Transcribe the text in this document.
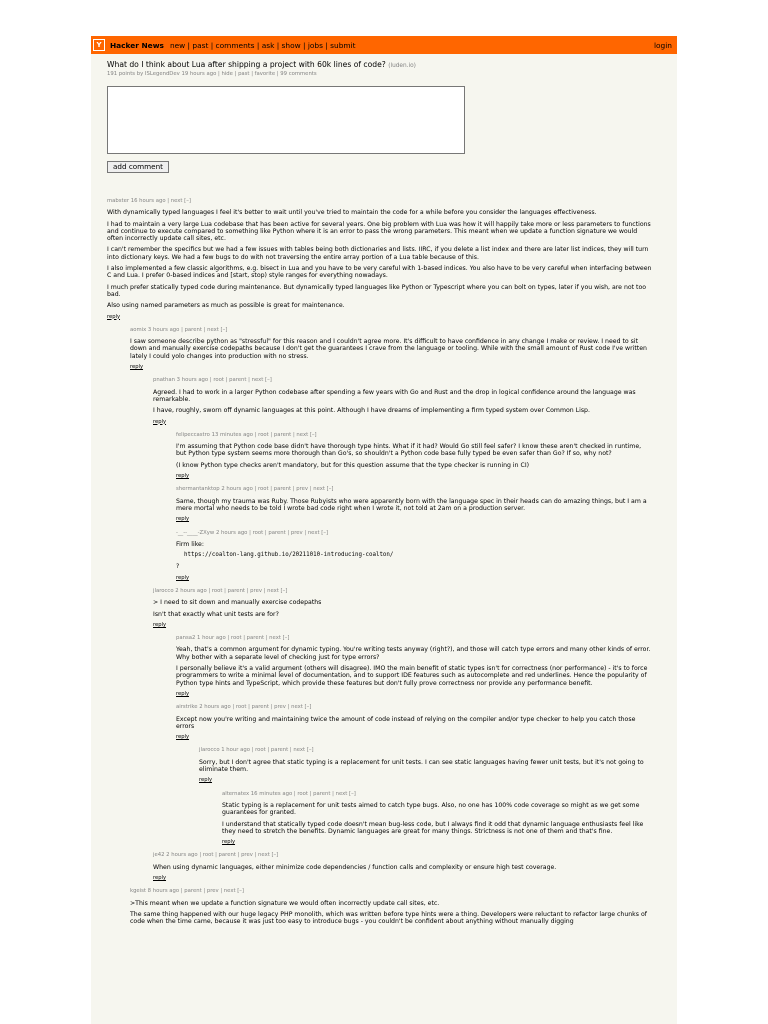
Y	Hacker News new | past | comments | ask | show | jobs | submit	login
What do I think about Lua after shipping a project with 60k lines of code? (luden.io)
191 points by ISLegendDev 19 hours ago | hide | past | favorite | 99 comments
add comment
mabster 16 hours ago | next [–]

With dynamically typed languages I feel it's better to wait until you've tried to maintain the code for a while before you consider the languages effectiveness.

I had to maintain a very large Lua codebase that has been active for several years. One big problem with Lua was how it will happily take more or less parameters to functions and continue to execute compared to something like Python where it is an error to pass the wrong parameters. This meant when we update a function signature we would often incorrectly update call sites, etc.

I can't remember the specifics but we had a few issues with tables being both dictionaries and lists. IIRC, if you delete a list index and there are later list indices, they will turn into dictionary keys. We had a few bugs to do with not traversing the entire array portion of a Lua table because of this.

I also implemented a few classic algorithms, e.g. bisect in Lua and you have to be very careful with 1-based indices. You also have to be very careful when interfacing between C and Lua. I prefer 0-based indices and [start, stop) style ranges for everything nowadays.

I much prefer statically typed code during maintenance. But dynamically typed languages like Python or Typescript where you can bolt on types, later if you wish, are not too bad.

Also using named parameters as much as possible is great for maintenance.

reply
aomix 3 hours ago | parent | next [–]

I saw someone describe python as "stressful" for this reason and I couldn't agree more. It's difficult to have confidence in any change I make or review. I need to sit down and manually exercise codepaths because I don't get the guarantees I crave from the language or tooling. While with the small amount of Rust code I've written lately I could yolo changes into production with no stress.

reply
pnathan 3 hours ago | root | parent | next [–]

Agreed. I had to work in a larger Python codebase after spending a few years with Go and Rust and the drop in logical confidence around the language was remarkable.

I have, roughly, sworn off dynamic languages at this point. Although I have dreams of implementing a firm typed system over Common Lisp.

reply
felipeccastro 13 minutes ago | root | parent | next [–]

I'm assuming that Python code base didn't have thorough type hints. What if it had? Would Go still feel safer? I know these aren't checked in runtime, but Python type system seems more thorough than Go's, so shouldn't a Python code base fully typed be even safer than Go? If so, why not?

(I know Python type checks aren't mandatory, but for this question assume that the type checker is running in CI)

reply
shermantanktop 2 hours ago | root | parent | prev | next [–]

Same, though my trauma was Ruby. Those Rubyists who were apparently born with the language spec in their heads can do amazing things, but I am a mere mortal who needs to be told I wrote bad code right when I wrote it, not told at 2am on a production server.

reply
-__--____-ZXyw 2 hours ago | root | parent | prev | next [–]

Firm like:

https://coalton-lang.github.io/20211010-introducing-coalton/

?

reply
jlarocco 2 hours ago | root | parent | prev | next [–]

> I need to sit down and manually exercise codepaths

Isn't that exactly what unit tests are for?

reply
pansa2 1 hour ago | root | parent | next [–]

Yeah, that's a common argument for dynamic typing. You're writing tests anyway (right?), and those will catch type errors and many other kinds of error. Why bother with a separate level of checking just for type errors?

I personally believe it's a valid argument (others will disagree). IMO the main benefit of static types isn't for correctness (nor performance) - it's to force programmers to write a minimal level of documentation, and to support IDE features such as autocomplete and red underlines. Hence the popularity of Python type hints and TypeScript, which provide these features but don't fully prove correctness nor provide any performance benefit.

reply
airstrike 2 hours ago | root | parent | prev | next [–]

Except now you're writing and maintaining twice the amount of code instead of relying on the compiler and/or type checker to help you catch those errors

reply
jlarocco 1 hour ago | root | parent | next [–]

Sorry, but I don't agree that static typing is a replacement for unit tests. I can see static languages having fewer unit tests, but it's not going to eliminate them.

reply
alternatex 16 minutes ago | root | parent | next [–]

Static typing is a replacement for unit tests aimed to catch type bugs. Also, no one has 100% code coverage so might as we get some guarantees for granted.

I understand that statically typed code doesn't mean bug-less code, but I always find it odd that dynamic language enthusiasts feel like they need to stretch the benefits. Dynamic languages are great for many things. Strictness is not one of them and that's fine.

reply
je42 2 hours ago | root | parent | prev | next [–]

When using dynamic languages, either minimize code dependencies / function calls and complexity or ensure high test coverage.

reply
kgeist 8 hours ago | parent | prev | next [–]

>This meant when we update a function signature we would often incorrectly update call sites, etc.

The same thing happened with our huge legacy PHP monolith, which was written before type hints were a thing. Developers were reluctant to refactor large chunks of code when the time came, because it was just too easy to introduce bugs - you couldn't be confident about anything without manually digging
